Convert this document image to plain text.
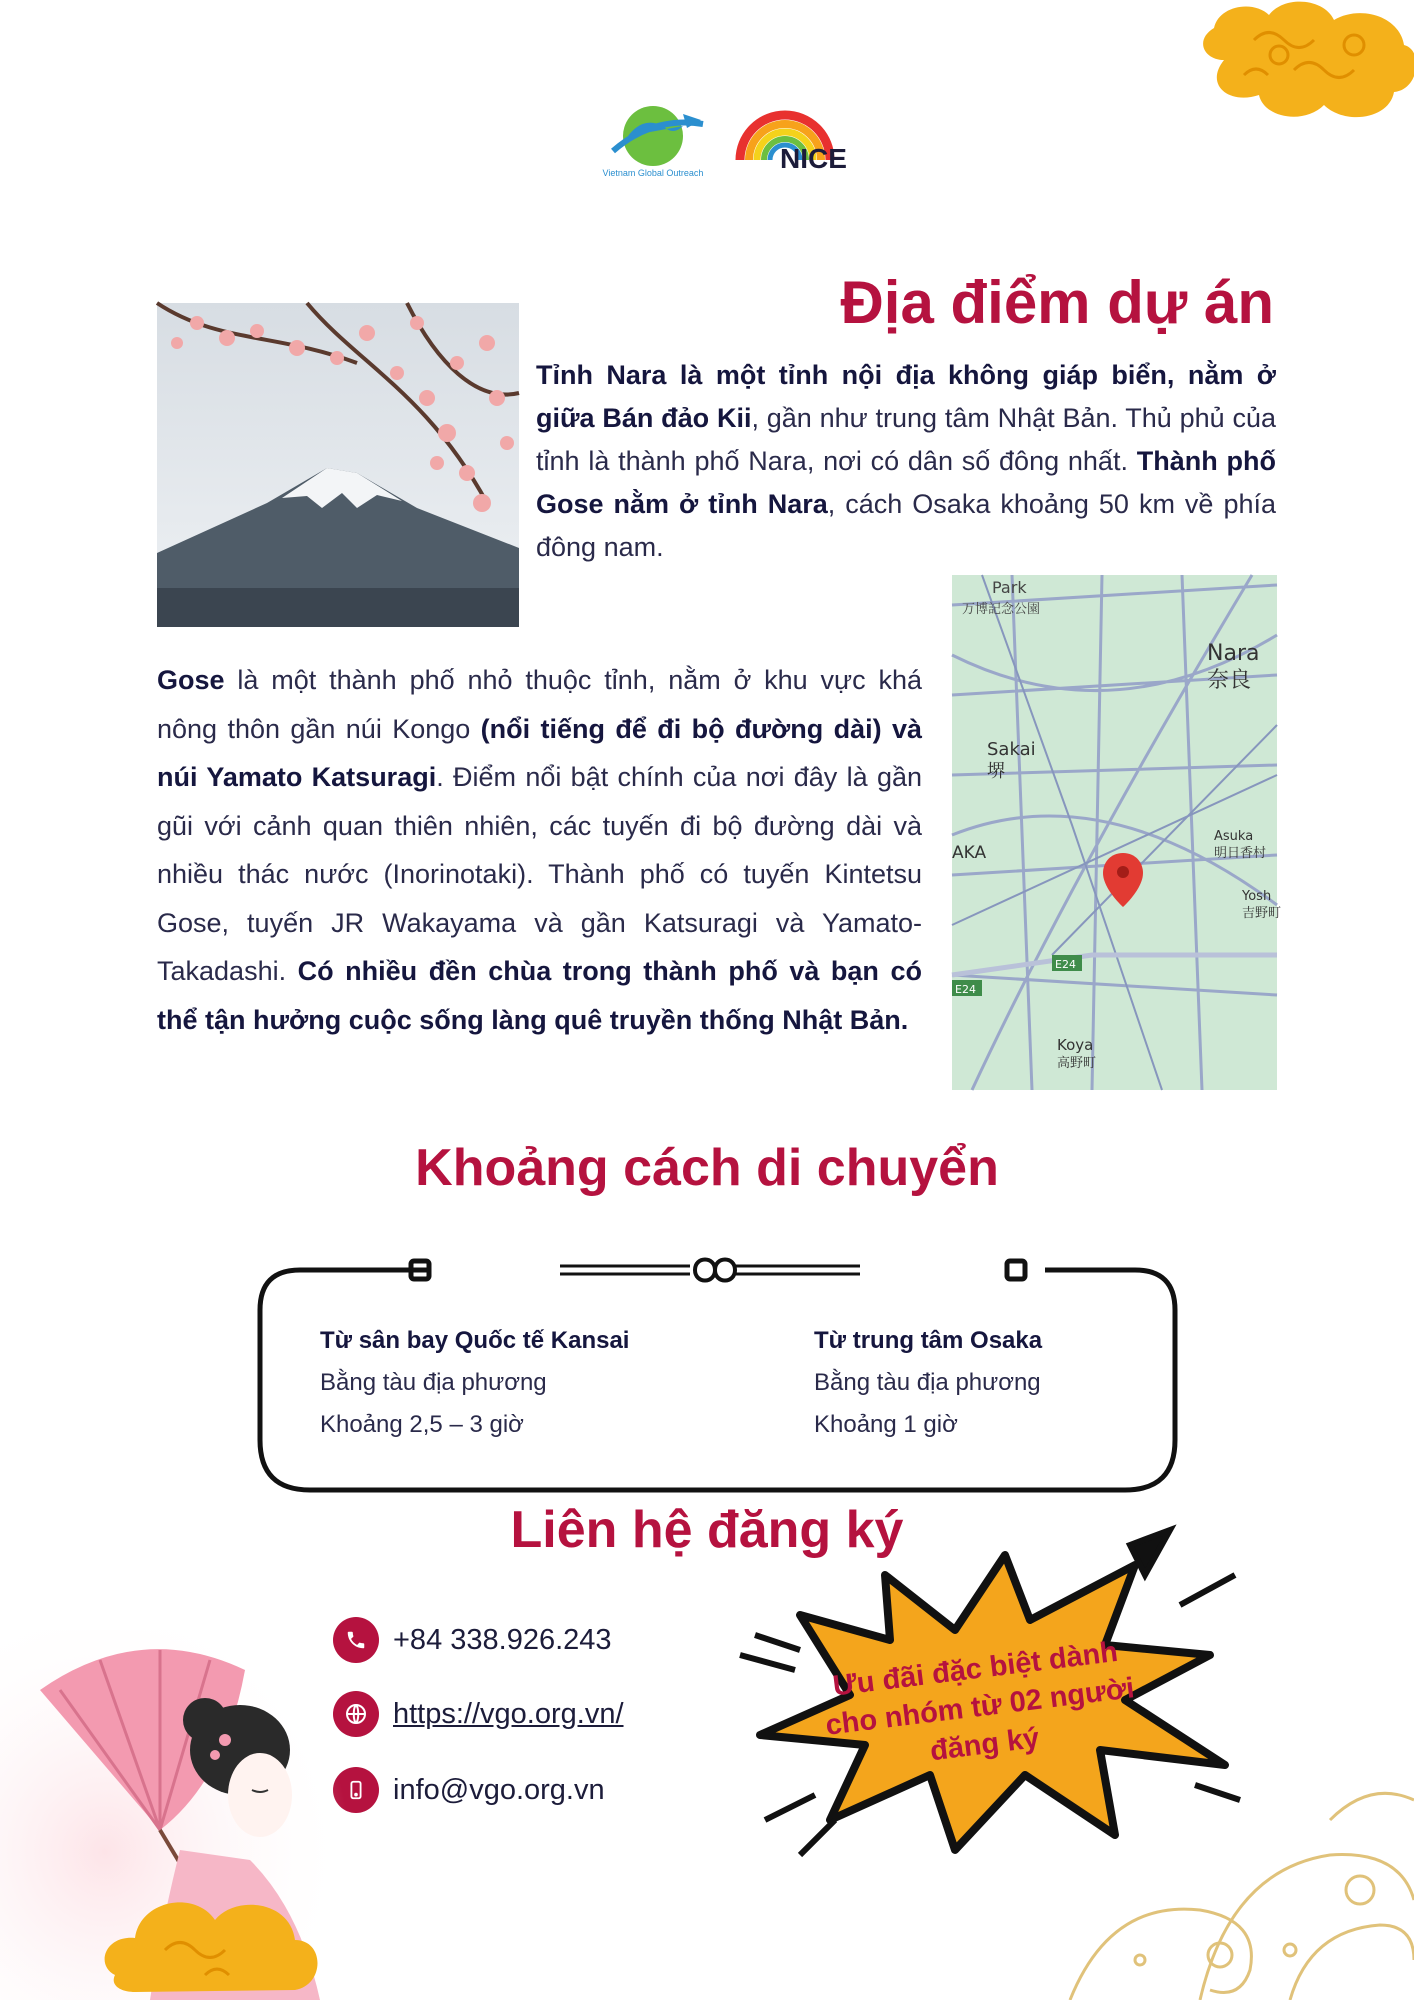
Vietnam Global Outreach	NICE
Địa điểm dự án
Tỉnh Nara là một tỉnh nội địa không giáp biển, nằm ở giữa Bán đảo Kii, gần như trung tâm Nhật Bản. Thủ phủ của tỉnh là thành phố Nara, nơi có dân số đông nhất. Thành phố Gose nằm ở tỉnh Nara, cách Osaka khoảng 50 km về phía đông nam.
Park
万博記念公園
Nara
奈良
Sakai
堺
AKA
Asuka
明日香村
Yosh
吉野町
E24
E24
Koya
高野町
Gose là một thành phố nhỏ thuộc tỉnh, nằm ở khu vực khá nông thôn gần núi Kongo (nổi tiếng để đi bộ đường dài) và núi Yamato Katsuragi. Điểm nổi bật chính của nơi đây là gần gũi với cảnh quan thiên nhiên, các tuyến đi bộ đường dài và nhiều thác nước (Inorinotaki). Thành phố có tuyến Kintetsu Gose, tuyến JR Wakayama và gần Katsuragi và Yamato-Takadashi. Có nhiều đền chùa trong thành phố và bạn có thể tận hưởng cuộc sống làng quê truyền thống Nhật Bản.
Khoảng cách di chuyển
Từ sân bay Quốc tế Kansai
Bằng tàu địa phương
Khoảng 2,5 – 3 giờ
Từ trung tâm Osaka
Bằng tàu địa phương
Khoảng 1 giờ
Liên hệ đăng ký
+84 338.926.243
https://vgo.org.vn/
info@vgo.org.vn
Ưu đãi đặc biệt dành cho nhóm từ 02 người đăng ký
